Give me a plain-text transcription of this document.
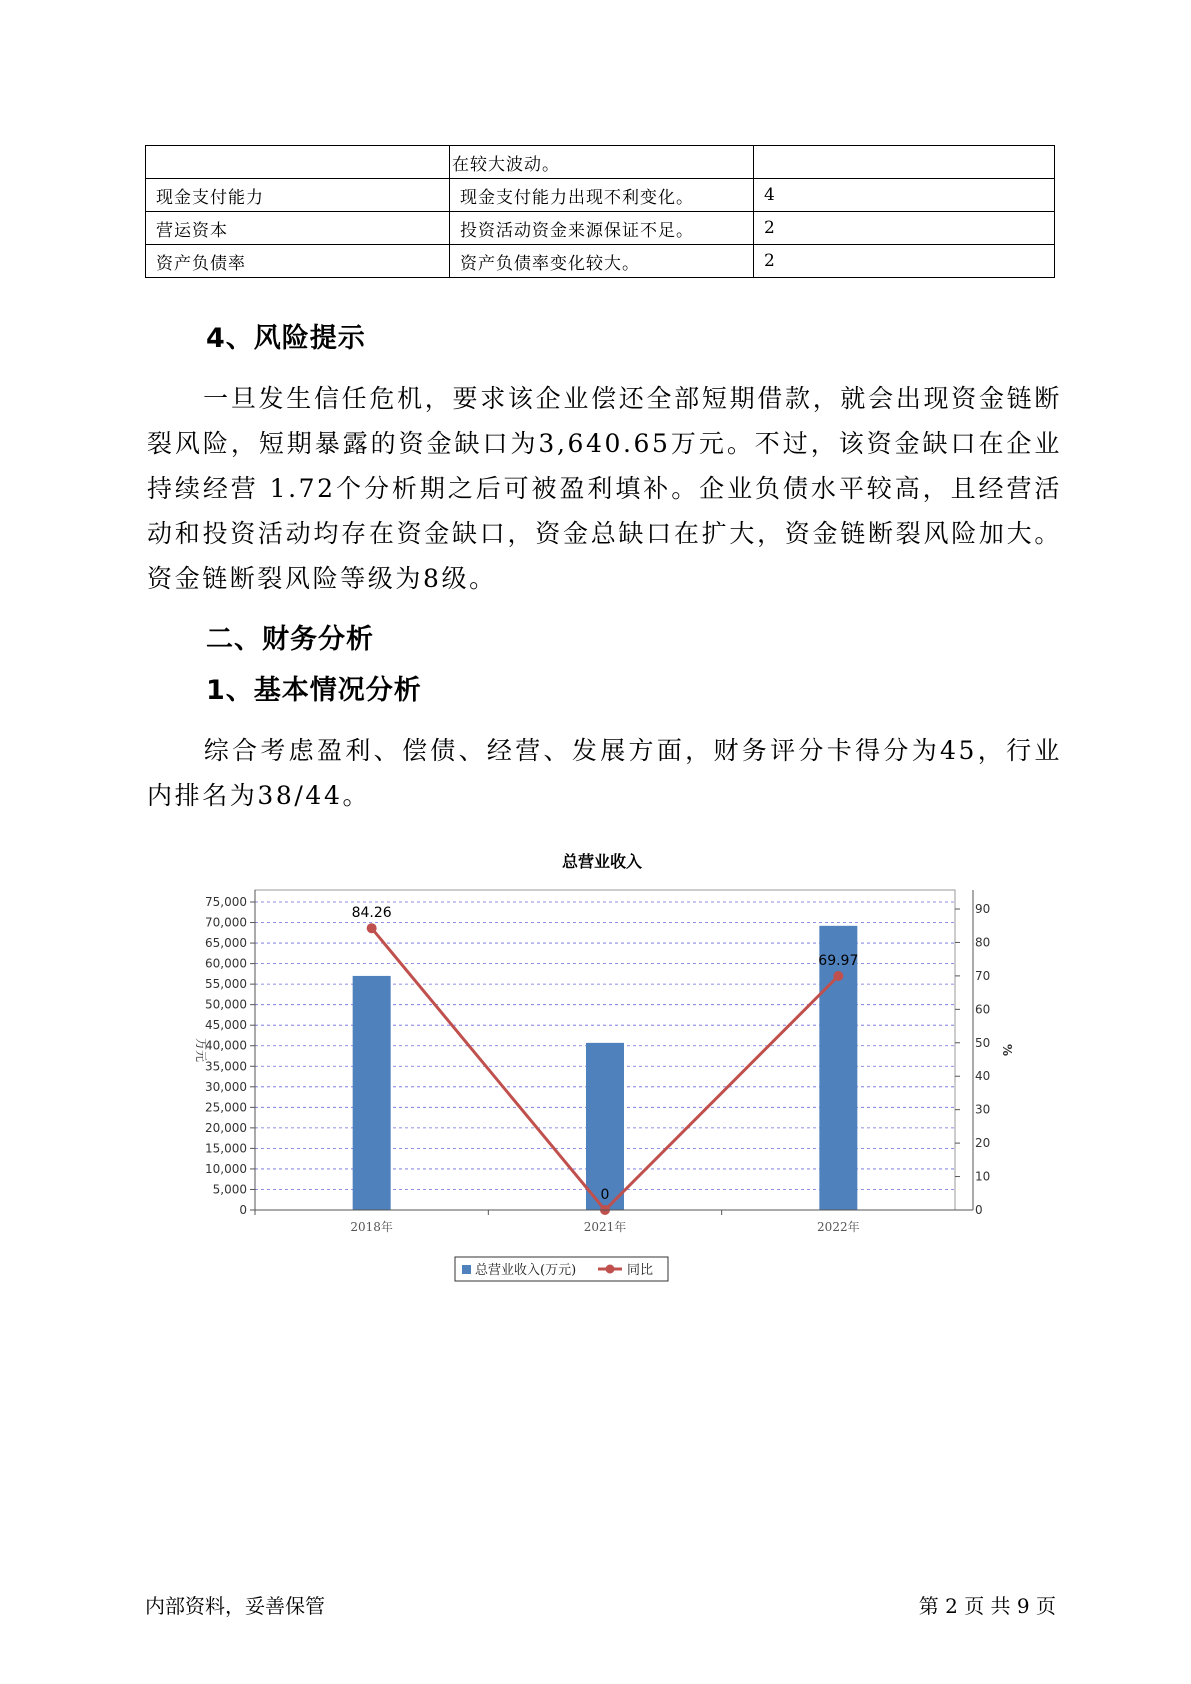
	在较大波动。	
现金支付能力	现金支付能力出现不利变化。	4
营运资本	投资活动资金来源保证不足。	2
资产负债率	资产负债率变化较大。	2
4、风险提示

一旦发生信任危机，要求该企业偿还全部短期借款，就会出现资金链断裂风险，短期暴露的资金缺口为3,640.65万元。不过，该资金缺口在企业持续经营 1.72个分析期之后可被盈利填补。企业负债水平较高，且经营活动和投资活动均存在资金缺口，资金总缺口在扩大，资金链断裂风险加大。资金链断裂风险等级为8级。

二、财务分析
1、基本情况分析

综合考虑盈利、偿债、经营、发展方面，财务评分卡得分为45，行业内排名为38/44。

总营业收入
84.26
0
69.97
0
5,000
10,000
15,000
20,000
25,000
30,000
35,000
40,000
45,000
50,000
55,000
60,000
65,000
70,000
75,000
0
10
20
30
40
50
60
70
80
90
万元	%
2018年	2021年	2022年
总营业收入(万元)	同比
内部资料，妥善保管	第 2 页 共 9 页
